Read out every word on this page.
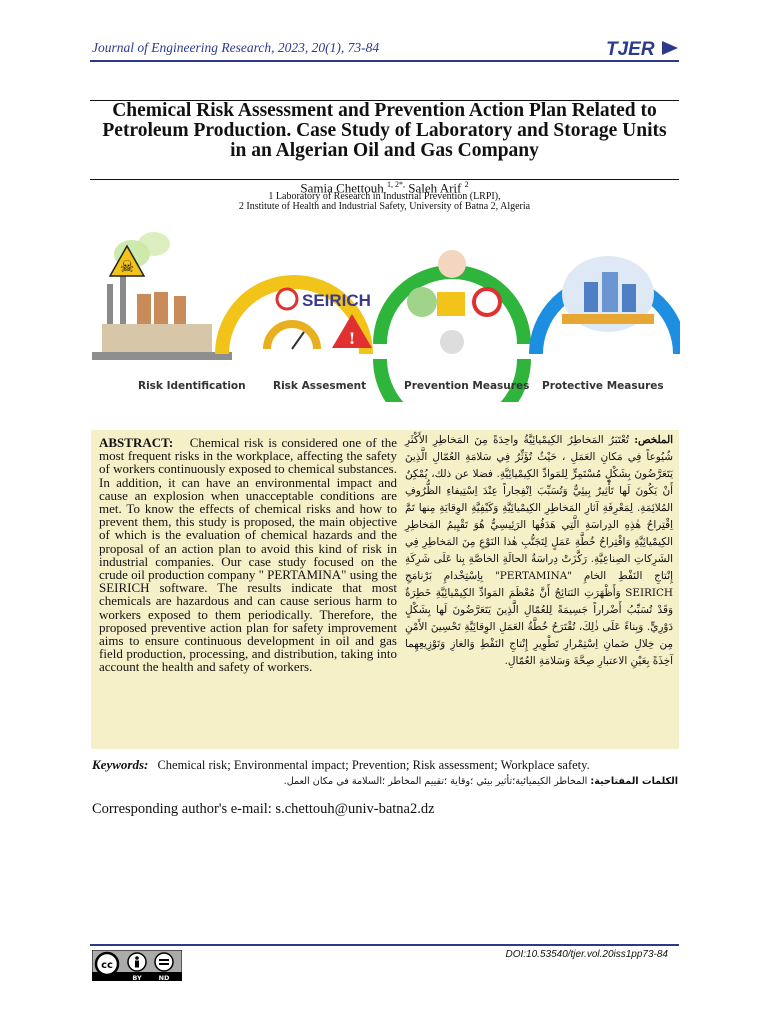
Journal of Engineering Research, 2023, 20(1), 73-84	TJER
Chemical Risk Assessment and Prevention Action Plan Related to Petroleum Production. Case Study of Laboratory and Storage Units in an Algerian Oil and Gas Company
Samia Chettouh $^{1, 2*,}$ Saleh Arif $^2$
1 Laboratory of Research in Industrial Prevention (LRPI),
2 Institute of Health and Industrial Safety, University of Batna 2, Algeria
☠
SEIRICH
!
Risk Identification	Risk Assesment	Prevention Measures Protective Measures
ABSTRACT: Chemical risk is considered one of the most frequent risks in the workplace, affecting the safety of workers continuously exposed to chemical substances. In addition, it can have an environmental impact and cause an explosion when unacceptable conditions are met. To know the effects of chemical risks and how to prevent them, this study is proposed, the main objective of which is the evaluation of chemical hazards and the proposal of an action plan to avoid this kind of risk in industrial companies. Our case study focused on the crude oil production company " PERTAMINA" using the SEIRICH software. The results indicate that most chemicals are hazardous and can cause serious harm to workers exposed to them periodically. Therefore, the proposed preventive action plan for safety improvement aims to ensure continuous development in oil and gas field production, processing, and distribution, taking into account the health and safety of workers.
الملخص: تُعْتَبَرُ المَخاطِرُ الكِيمْيائِيَّةُ واحِدَةً مِنَ المَخاطِرِ الأَكْثَرِ شُيُوعاً فِي مَكانِ العَمَلِ ، حَيْثُ تُؤَثِّرُ فِي سَلامَةِ العُمّالِ الَّذِينَ يَتَعَرَّضُونَ بِشَكْلٍ مُسْتَمِرٍّ لِلمَوادِّ الكِيمْيائِيَّةِ. فضلا عن ذلك، يُمْكِنُ أَنْ يَكُونَ لَها تَأْثِيرٌ بِيئِيٌّ وَتُسَبِّبَ اِنْفِجاراً عِنْدَ اِسْتِيفاءِ الظُّرُوفِ المُلائِمَةِ. لِمَعْرِفَةِ آثارِ المَخاطِرِ الكِيمْيائِيَّةِ وَكَيْفِيَّةِ الوِقايَةِ مِنها تَمَّ اِقْتِراحُ هٰذِهِ الدِراسَةِ الَّتِي هَدَفُها الرَئِيسِيُّ هُوَ تَقْيِيمُ المَخاطِرِ الكِيمْيائِيَّةِ وَاقْتِراحُ خُطَّةِ عَمَلٍ لِتَجَنُّبِ هٰذا النَوْعِ مِنَ المَخاطِرِ فِي الشَرِكاتِ الصِناعِيَّةِ. رَكَّزَتْ دِراسَةُ الحالَةِ الخاصَّةِ بِنا عَلَى شَرِكَةِ إِنْتاجِ النَفْطِ الخامِ "PERTAMINA" بِاِسْتِخْدامِ بَرْنامَجِ SEIRICH وَأَظْهَرَتِ النَتائِجُ أَنَّ مُعْظَمَ المَوادِّ الكِيمْيائِيَّةِ خَطِرَةٌ وَقَدْ تُسَبِّبُ أَضْراراً جَسِيمَةً لِلعُمّالِ الَّذِينَ يَتَعَرَّضُونَ لَها بِشَكْلٍ دَوْرِيٍّ. وَبِناءً عَلَى ذٰلِكَ، تُقْتَرَحُ خُطَّةُ العَمَلِ الوِقائِيَّةِ تَحْسِينَ الأَمْنِ مِن خِلالِ ضَمانِ اِسْتِمْرارِ تَطْوِيرِ إِنْتاجِ النَفْطِ وَالغازِ وَتَوْزِيعِهِما آخِذَةً بِعَيْنِ الاعتبارِ صِحَّةَ وَسَلامَةِ العُمّالِ.
Keywords: Chemical risk; Environmental impact; Prevention; Risk assessment; Workplace safety.
الكلمات المفتاحية: المخاطر الكيميائية؛تأثير بيئي ؛وقاية ؛تقييم المخاطر ؛السلامة في مكان العمل.
Corresponding author's e-mail: s.chettouh@univ-batna2.dz
DOI:10.53540/tjer.vol.20iss1pp73-84
cc
BY	ND
